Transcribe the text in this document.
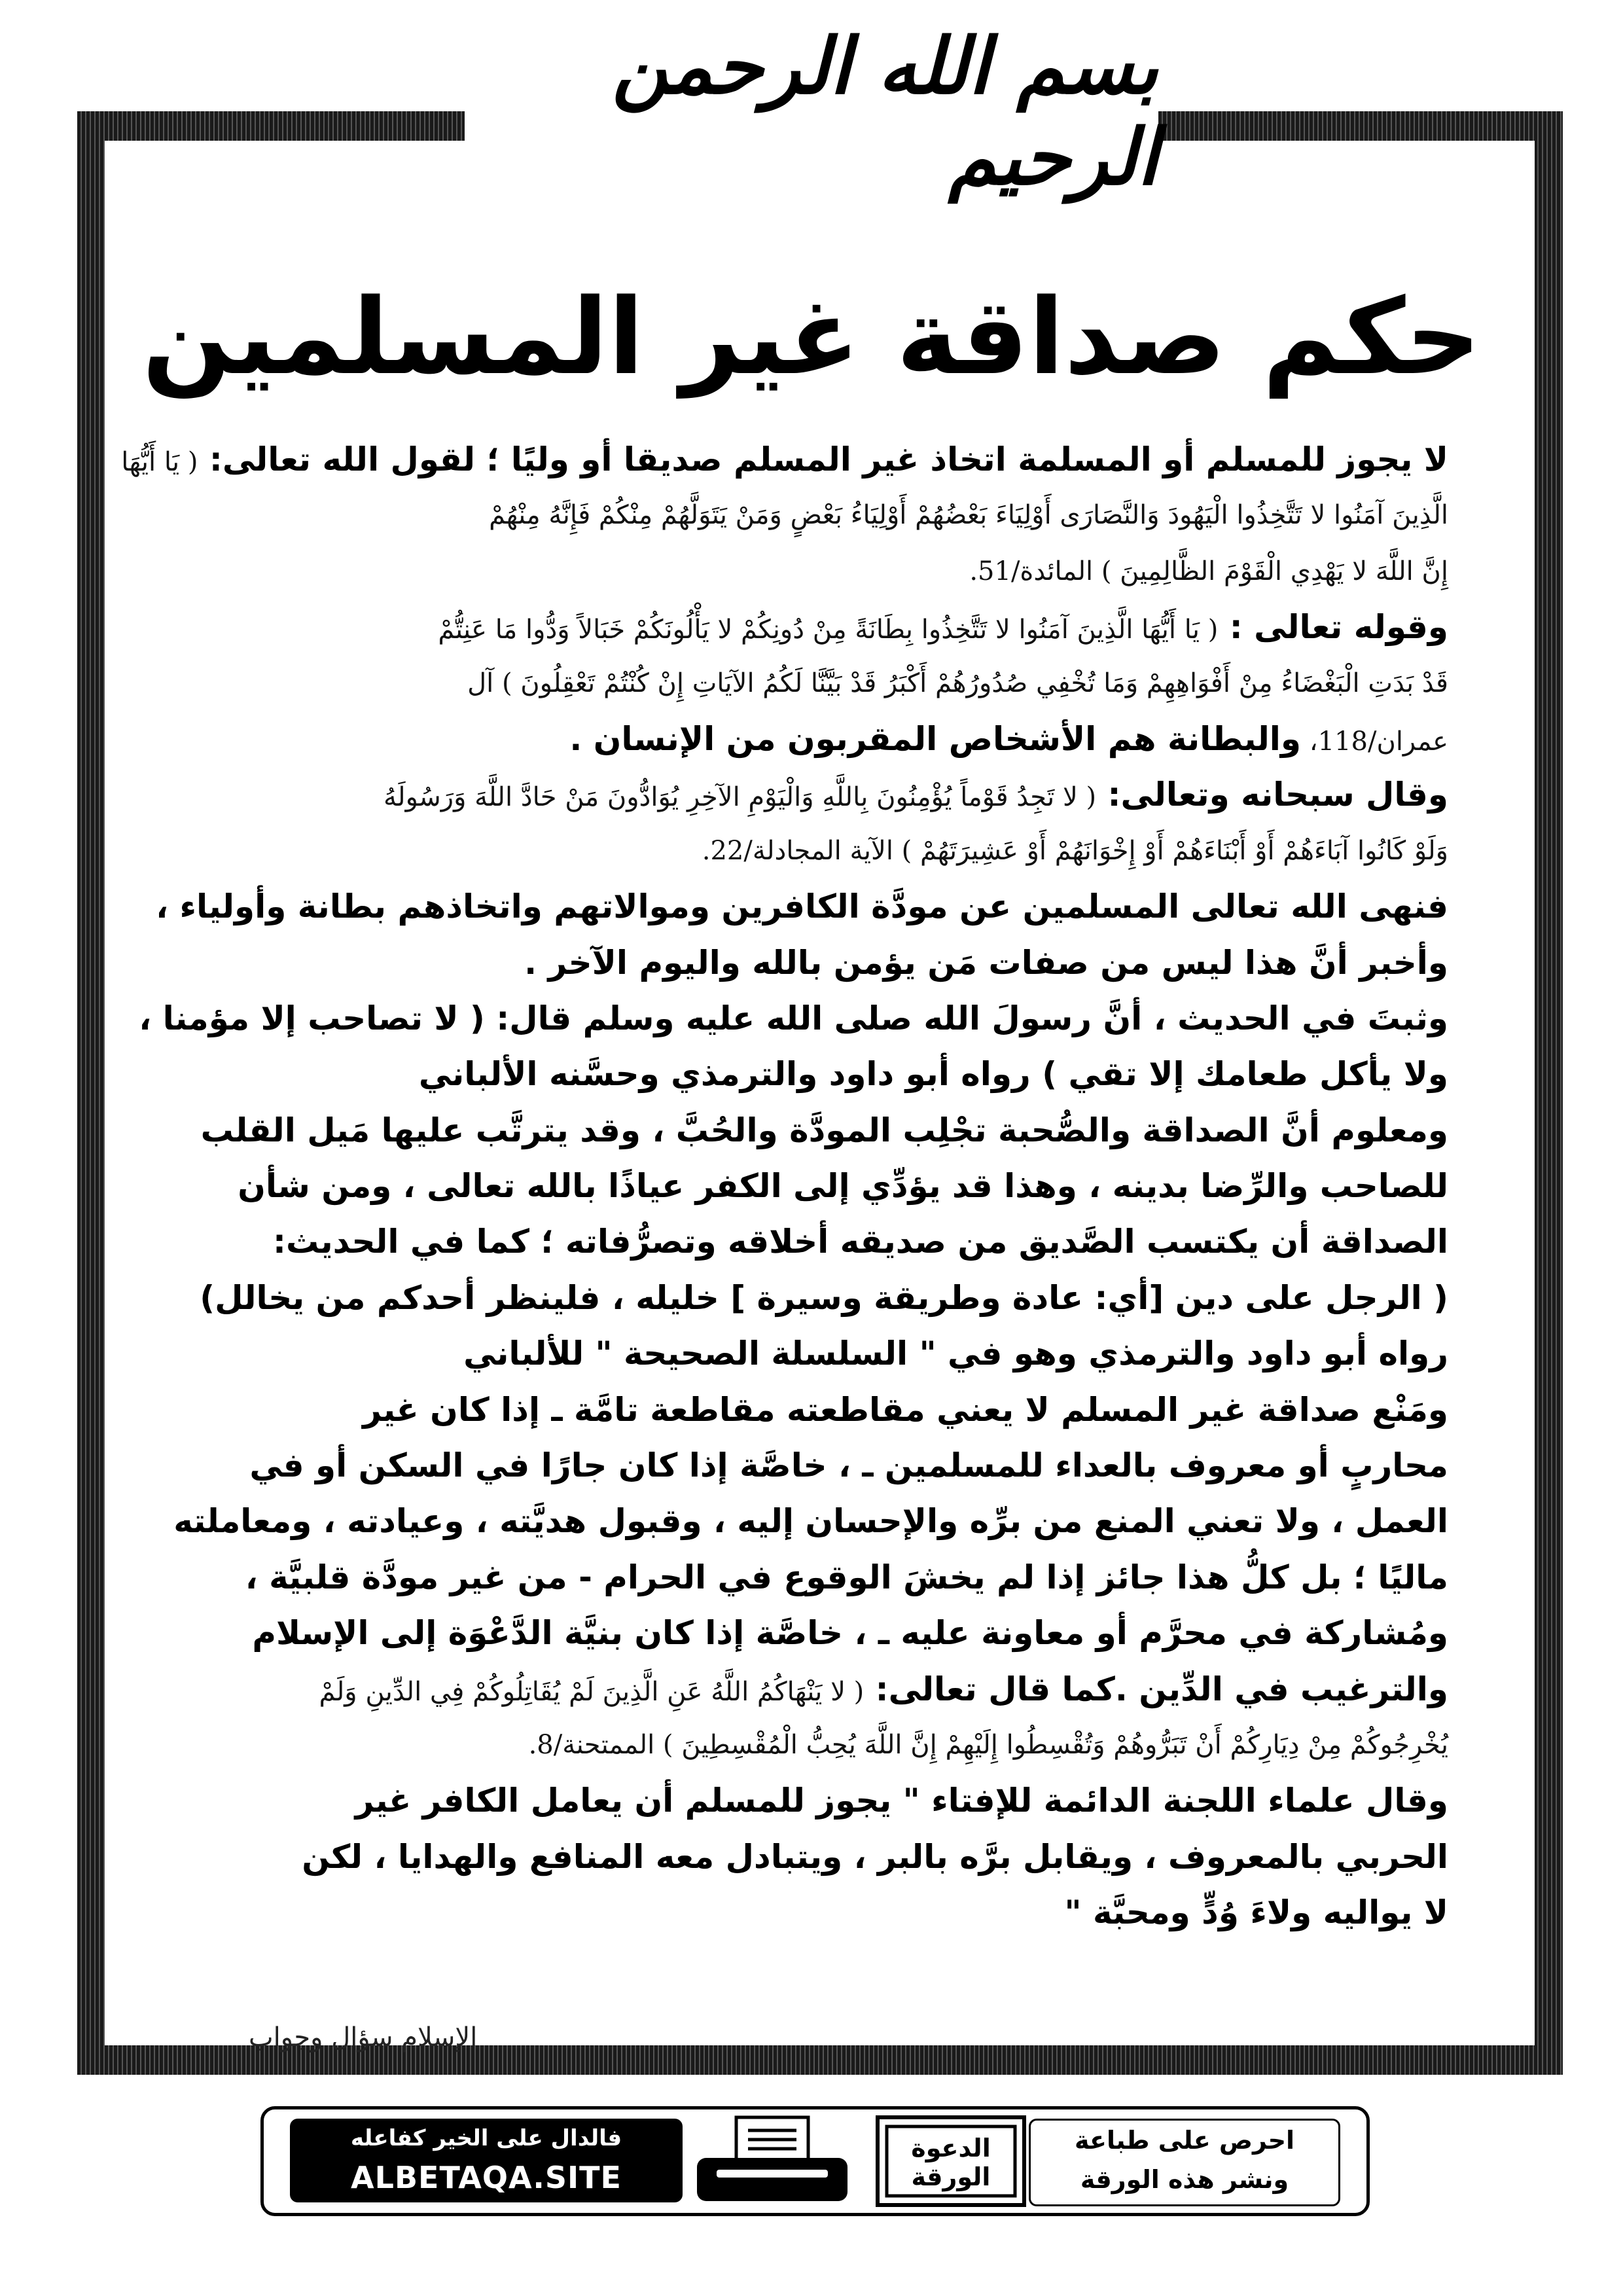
بسم الله الرحمن الرحيم
حكم صداقة غير المسلمين
لا يجوز للمسلم أو المسلمة اتخاذ غير المسلم صديقا أو وليًا ؛ لقول الله تعالى: ( يَا أَيُّهَا
الَّذِينَ آمَنُوا لا تَتَّخِذُوا الْيَهُودَ وَالنَّصَارَى أَوْلِيَاءَ بَعْضُهُمْ أَوْلِيَاءُ بَعْضٍ وَمَنْ يَتَوَلَّهُمْ مِنْكُمْ فَإِنَّهُ مِنْهُمْ
إِنَّ اللَّهَ لا يَهْدِي الْقَوْمَ الظَّالِمِينَ ) المائدة/51.
وقوله تعالى : ( يَا أَيُّهَا الَّذِينَ آمَنُوا لا تَتَّخِذُوا بِطَانَةً مِنْ دُونِكُمْ لا يَأْلُونَكُمْ خَبَالاً وَدُّوا مَا عَنِتُّمْ
قَدْ بَدَتِ الْبَغْضَاءُ مِنْ أَفْوَاهِهِمْ وَمَا تُخْفِي صُدُورُهُمْ أَكْبَرُ قَدْ بَيَّنَّا لَكُمُ الآيَاتِ إِنْ كُنْتُمْ تَعْقِلُونَ ) آل
عمران/118، والبطانة هم الأشخاص المقربون من الإنسان .
وقال سبحانه وتعالى: ( لا تَجِدُ قَوْماً يُؤْمِنُونَ بِاللَّهِ وَالْيَوْمِ الآخِرِ يُوَادُّونَ مَنْ حَادَّ اللَّهَ وَرَسُولَهُ
وَلَوْ كَانُوا آبَاءَهُمْ أَوْ أَبْنَاءَهُمْ أَوْ إِخْوَانَهُمْ أَوْ عَشِيرَتَهُمْ ) الآية المجادلة/22.
فنهى الله تعالى المسلمين عن مودَّة الكافرين وموالاتهم واتخاذهم بطانة وأولياء ،
وأخبر أنَّ هذا ليس من صفات مَن يؤمن بالله واليوم الآخر .
وثبتَ في الحديث ، أنَّ رسولَ الله صلى الله عليه وسلم قال: ( لا تصاحب إلا مؤمنا ،
ولا يأكل طعامك إلا تقي ) رواه أبو داود والترمذي وحسَّنه الألباني
ومعلوم أنَّ الصداقة والصُّحبة تجْلِب المودَّة والحُبَّ ، وقد يترتَّب عليها مَيل القلب
للصاحب والرِّضا بدينه ، وهذا قد يؤدِّي إلى الكفر عياذًا بالله تعالى ، ومن شأن
الصداقة أن يكتسب الصَّديق من صديقه أخلاقه وتصرُّفاته ؛ كما في الحديث:
( الرجل على دين [أي: عادة وطريقة وسيرة ] خليله ، فلينظر أحدكم من يخالل)
رواه أبو داود والترمذي وهو في " السلسلة الصحيحة " للألباني
ومَنْع صداقة غير المسلم لا يعني مقاطعته مقاطعة تامَّة ـ إذا كان غير
محاربٍ أو معروف بالعداء للمسلمين ـ ، خاصَّة إذا كان جارًا في السكن أو في
العمل ، ولا تعني المنع من برِّه والإحسان إليه ، وقبول هديَّته ، وعيادته ، ومعاملته
ماليًا ؛ بل كلُّ هذا جائز إذا لم يخشَ الوقوع في الحرام - من غير مودَّة قلبيَّة ،
ومُشاركة في محرَّم أو معاونة عليه ـ ، خاصَّة إذا كان بنيَّة الدَّعْوَة إلى الإسلام
والترغيب في الدِّين .كما قال تعالى: ( لا يَنْهَاكُمُ اللَّهُ عَنِ الَّذِينَ لَمْ يُقَاتِلُوكُمْ فِي الدِّينِ وَلَمْ
يُخْرِجُوكُمْ مِنْ دِيَارِكُمْ أَنْ تَبَرُّوهُمْ وَتُقْسِطُوا إِلَيْهِمْ إِنَّ اللَّهَ يُحِبُّ الْمُقْسِطِينَ ) الممتحنة/8.
وقال علماء اللجنة الدائمة للإفتاء " يجوز للمسلم أن يعامل الكافر غير
الحربي بالمعروف ، ويقابل برَّه بالبر ، ويتبادل معه المنافع والهدايا ، لكن
لا يواليه ولاءَ وُدٍّ ومحبَّة "
الإسلام سؤال وجواب
فالدال على الخير كفاعله
ALBETAQA.SITE
الدعوة
الورقة
احرص على طباعة
ونشر هذه الورقة
